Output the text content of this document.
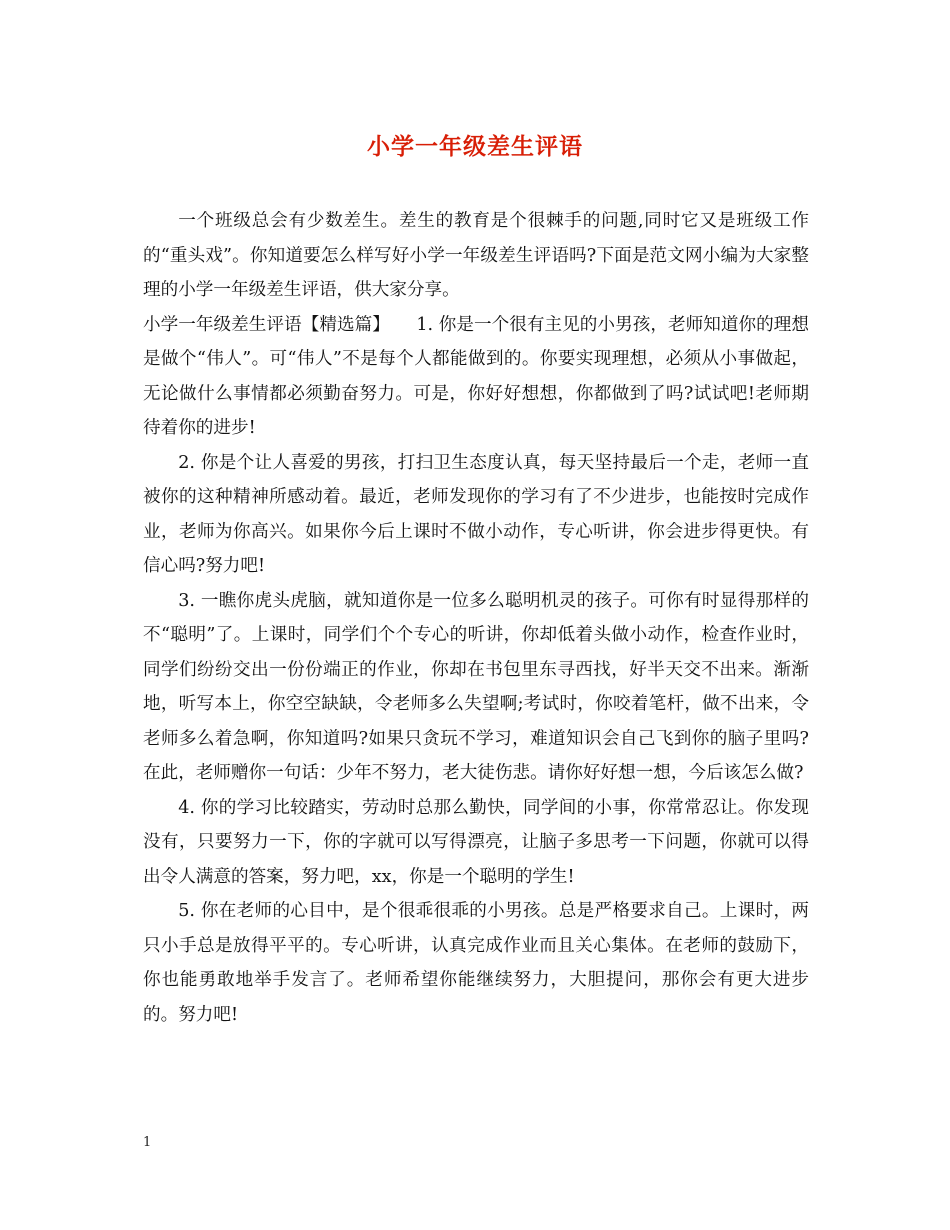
小学一年级差生评语

一个班级总会有少数差生。差生的教育是个很棘手的问题,同时它又是班级工作的“重头戏”。你知道要怎么样写好小学一年级差生评语吗?下面是范文网小编为大家整理的小学一年级差生评语，供大家分享。

小学一年级差生评语【精选篇】　　1. 你是一个很有主见的小男孩，老师知道你的理想是做个“伟人”。可“伟人”不是每个人都能做到的。你要实现理想，必须从小事做起，无论做什么事情都必须勤奋努力。可是，你好好想想，你都做到了吗?试试吧!老师期待着你的进步!

2. 你是个让人喜爱的男孩，打扫卫生态度认真，每天坚持最后一个走，老师一直被你的这种精神所感动着。最近，老师发现你的学习有了不少进步，也能按时完成作业，老师为你高兴。如果你今后上课时不做小动作，专心听讲，你会进步得更快。有信心吗?努力吧!

3. 一瞧你虎头虎脑，就知道你是一位多么聪明机灵的孩子。可你有时显得那样的不“聪明”了。上课时，同学们个个专心的听讲，你却低着头做小动作，检查作业时，同学们纷纷交出一份份端正的作业，你却在书包里东寻西找，好半天交不出来。渐渐地，听写本上，你空空缺缺，令老师多么失望啊;考试时，你咬着笔杆，做不出来，令老师多么着急啊，你知道吗?如果只贪玩不学习，难道知识会自己飞到你的脑子里吗?在此，老师赠你一句话：少年不努力，老大徒伤悲。请你好好想一想，今后该怎么做?

4. 你的学习比较踏实，劳动时总那么勤快，同学间的小事，你常常忍让。你发现没有，只要努力一下，你的字就可以写得漂亮，让脑子多思考一下问题，你就可以得出令人满意的答案，努力吧，xx，你是一个聪明的学生!

5. 你在老师的心目中，是个很乖很乖的小男孩。总是严格要求自己。上课时，两只小手总是放得平平的。专心听讲，认真完成作业而且关心集体。在老师的鼓励下，你也能勇敢地举手发言了。老师希望你能继续努力，大胆提问，那你会有更大进步的。努力吧!

1
